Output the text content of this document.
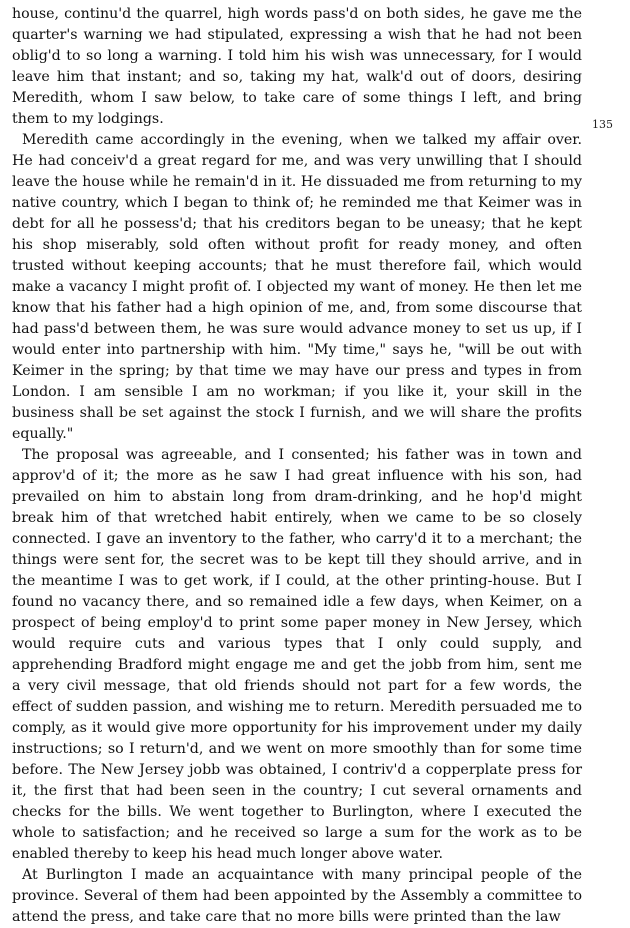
house, continu'd the quarrel, high words pass'd on both sides, he gave me the quarter's warning we had stipulated, expressing a wish that he had not been oblig'd to so long a warning. I told him his wish was unnecessary, for I would leave him that instant; and so, taking my hat, walk'd out of doors, desiring Meredith, whom I saw below, to take care of some things I left, and bring them to my lodgings.

Meredith came accordingly in the evening, when we talked my affair over. He had conceiv'd a great regard for me, and was very unwilling that I should leave the house while he remain'd in it. He dissuaded me from returning to my native country, which I began to think of; he reminded me that Keimer was in debt for all he possess'd; that his creditors began to be uneasy; that he kept his shop miserably, sold often without profit for ready money, and often trusted without keeping accounts; that he must therefore fail, which would make a vacancy I might profit of. I objected my want of money. He then let me know that his father had a high opinion of me, and, from some discourse that had pass'd between them, he was sure would advance money to set us up, if I would enter into partnership with him. "My time," says he, "will be out with Keimer in the spring; by that time we may have our press and types in from London. I am sensible I am no workman; if you like it, your skill in the business shall be set against the stock I furnish, and we will share the profits equally."

The proposal was agreeable, and I consented; his father was in town and approv'd of it; the more as he saw I had great influence with his son, had prevailed on him to abstain long from dram-drinking, and he hop'd might break him of that wretched habit entirely, when we came to be so closely connected. I gave an inventory to the father, who carry'd it to a merchant; the things were sent for, the secret was to be kept till they should arrive, and in the meantime I was to get work, if I could, at the other printing-house. But I found no vacancy there, and so remained idle a few days, when Keimer, on a prospect of being employ'd to print some paper money in New Jersey, which would require cuts and various types that I only could supply, and apprehending Bradford might engage me and get the jobb from him, sent me a very civil message, that old friends should not part for a few words, the effect of sudden passion, and wishing me to return. Meredith persuaded me to comply, as it would give more opportunity for his improvement under my daily instructions; so I return'd, and we went on more smoothly than for some time before. The New Jersey jobb was obtained, I contriv'd a copperplate press for it, the first that had been seen in the country; I cut several ornaments and checks for the bills. We went together to Burlington, where I executed the whole to satisfaction; and he received so large a sum for the work as to be enabled thereby to keep his head much longer above water.

At Burlington I made an acquaintance with many principal people of the province. Several of them had been appointed by the Assembly a committee to attend the press, and take care that no more bills were printed than the law

135
